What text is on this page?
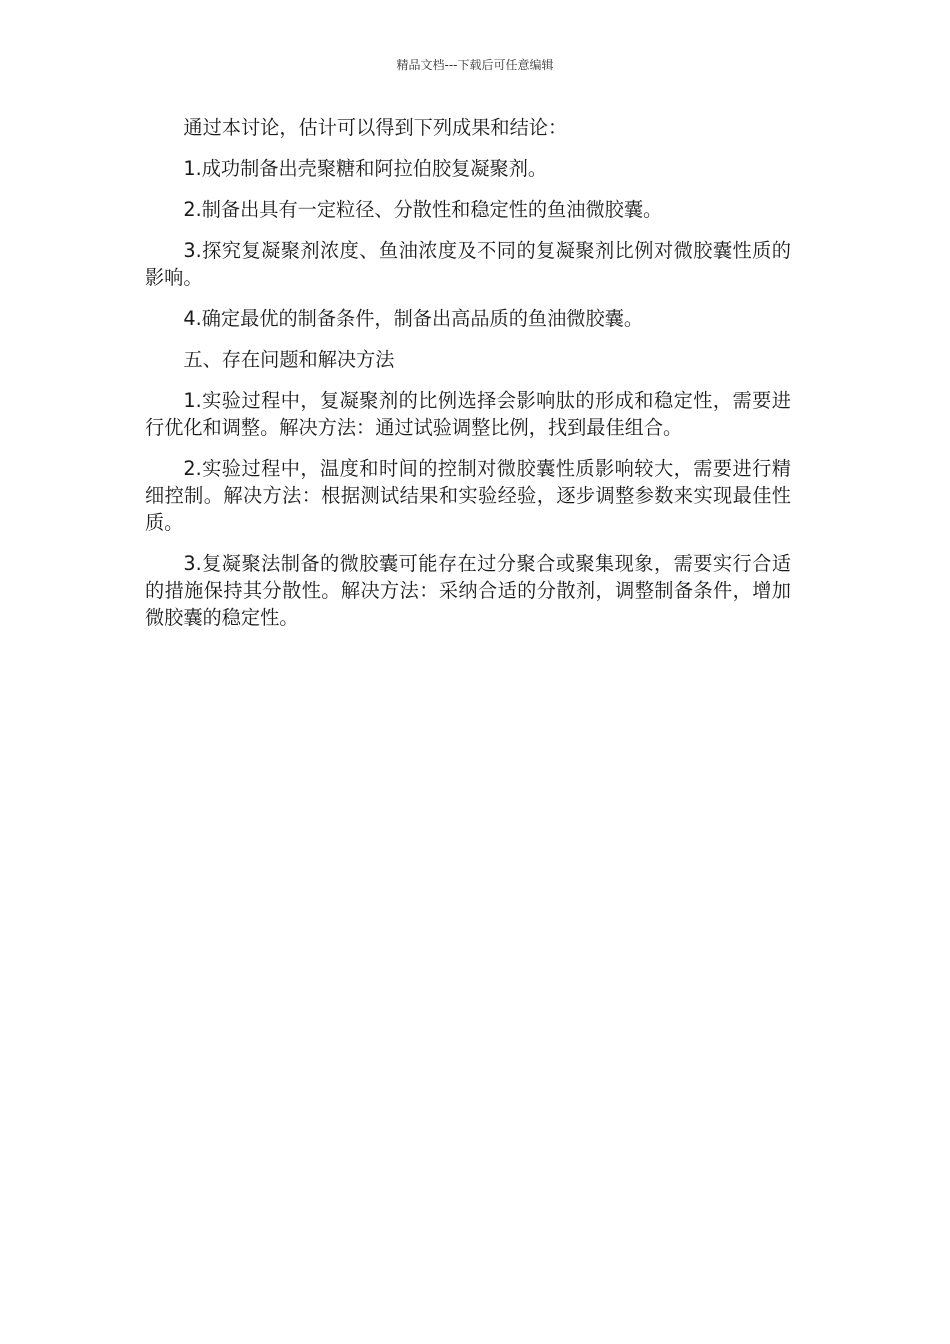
精品文档---下载后可任意编辑

通过本讨论，估计可以得到下列成果和结论：

1.成功制备出壳聚糖和阿拉伯胶复凝聚剂。

2.制备出具有一定粒径、分散性和稳定性的鱼油微胶囊。

3.探究复凝聚剂浓度、鱼油浓度及不同的复凝聚剂比例对微胶囊性质的影响。

4.确定最优的制备条件，制备出高品质的鱼油微胶囊。

五、存在问题和解决方法

1.实验过程中，复凝聚剂的比例选择会影响肽的形成和稳定性，需要进行优化和调整。解决方法：通过试验调整比例，找到最佳组合。

2.实验过程中，温度和时间的控制对微胶囊性质影响较大，需要进行精细控制。解决方法：根据测试结果和实验经验，逐步调整参数来实现最佳性质。

3.复凝聚法制备的微胶囊可能存在过分聚合或聚集现象，需要实行合适的措施保持其分散性。解决方法：采纳合适的分散剂，调整制备条件，增加微胶囊的稳定性。
